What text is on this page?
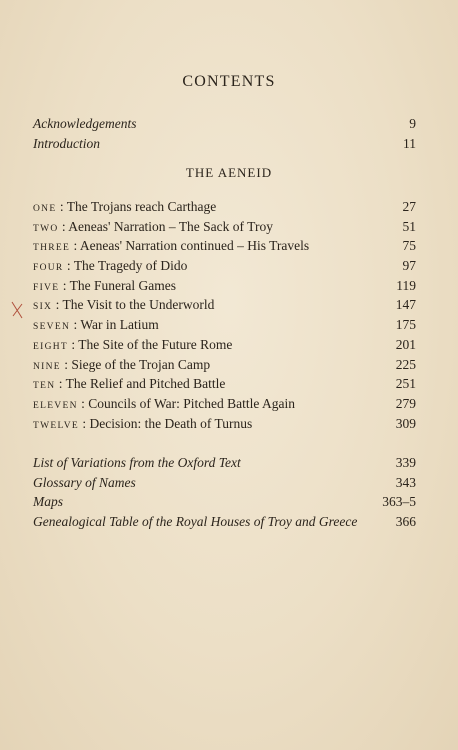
CONTENTS
Acknowledgements	9
Introduction	11
THE AENEID
ONE : The Trojans reach Carthage	27
TWO : Aeneas' Narration – The Sack of Troy	51
THREE : Aeneas' Narration continued – His Travels	75
FOUR : The Tragedy of Dido	97
FIVE : The Funeral Games	119
SIX : The Visit to the Underworld	147
SEVEN : War in Latium	175
EIGHT : The Site of the Future Rome	201
NINE : Siege of the Trojan Camp	225
TEN : The Relief and Pitched Battle	251
ELEVEN : Councils of War: Pitched Battle Again	279
TWELVE : Decision: the Death of Turnus	309
List of Variations from the Oxford Text	339
Glossary of Names	343
Maps	363–5
Genealogical Table of the Royal Houses of Troy and Greece	366
